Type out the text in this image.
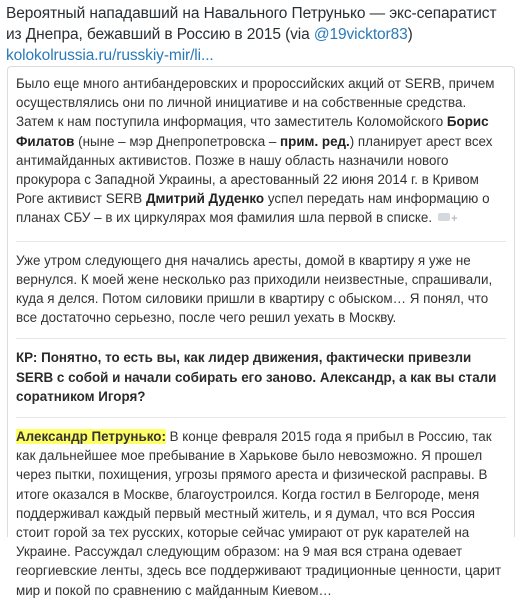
Вероятный нападавший на Навального Петрунько — экс-сепаратист из Днепра, бежавший в Россию в 2015 (via @19vicktor83) kolokolrussia.ru/russkiy-mir/li...

Было еще много антибандеровских и пророссийских акций от SERB, причем осуществлялись они по личной инициативе и на собственные средства. Затем к нам поступила информация, что заместитель Коломойского Борис Филатов (ныне – мэр Днепропетровска – прим. ред.) планирует арест всех антимайданных активистов. Позже в нашу область назначили нового прокурора с Западной Украины, а арестованный 22 июня 2014 г. в Кривом Роге активист SERB Дмитрий Дуденко успел передать нам информацию о планах СБУ – в их циркулярах моя фамилия шла первой в списке. +

Уже утром следующего дня начались аресты, домой в квартиру я уже не вернулся. К моей жене несколько раз приходили неизвестные, спрашивали, куда я делся. Потом силовики пришли в квартиру с обыском… Я понял, что все достаточно серьезно, после чего решил уехать в Москву.

КР: Понятно, то есть вы, как лидер движения, фактически привезли SERB с собой и начали собирать его заново. Александр, а как вы стали соратником Игоря?

Александр Петрунько: В конце февраля 2015 года я прибыл в Россию, так как дальнейшее мое пребывание в Харькове было невозможно. Я прошел через пытки, похищения, угрозы прямого ареста и физической расправы. В итоге оказался в Москве, благоустроился. Когда гостил в Белгороде, меня поддерживал каждый первый местный житель, и я думал, что вся Россия стоит горой за тех русских, которые сейчас умирают от рук карателей на Украине. Рассуждал следующим образом: на 9 мая вся страна одевает георгиевские ленты, здесь все поддерживают традиционные ценности, царит мир и покой по сравнению с майданным Киевом…
